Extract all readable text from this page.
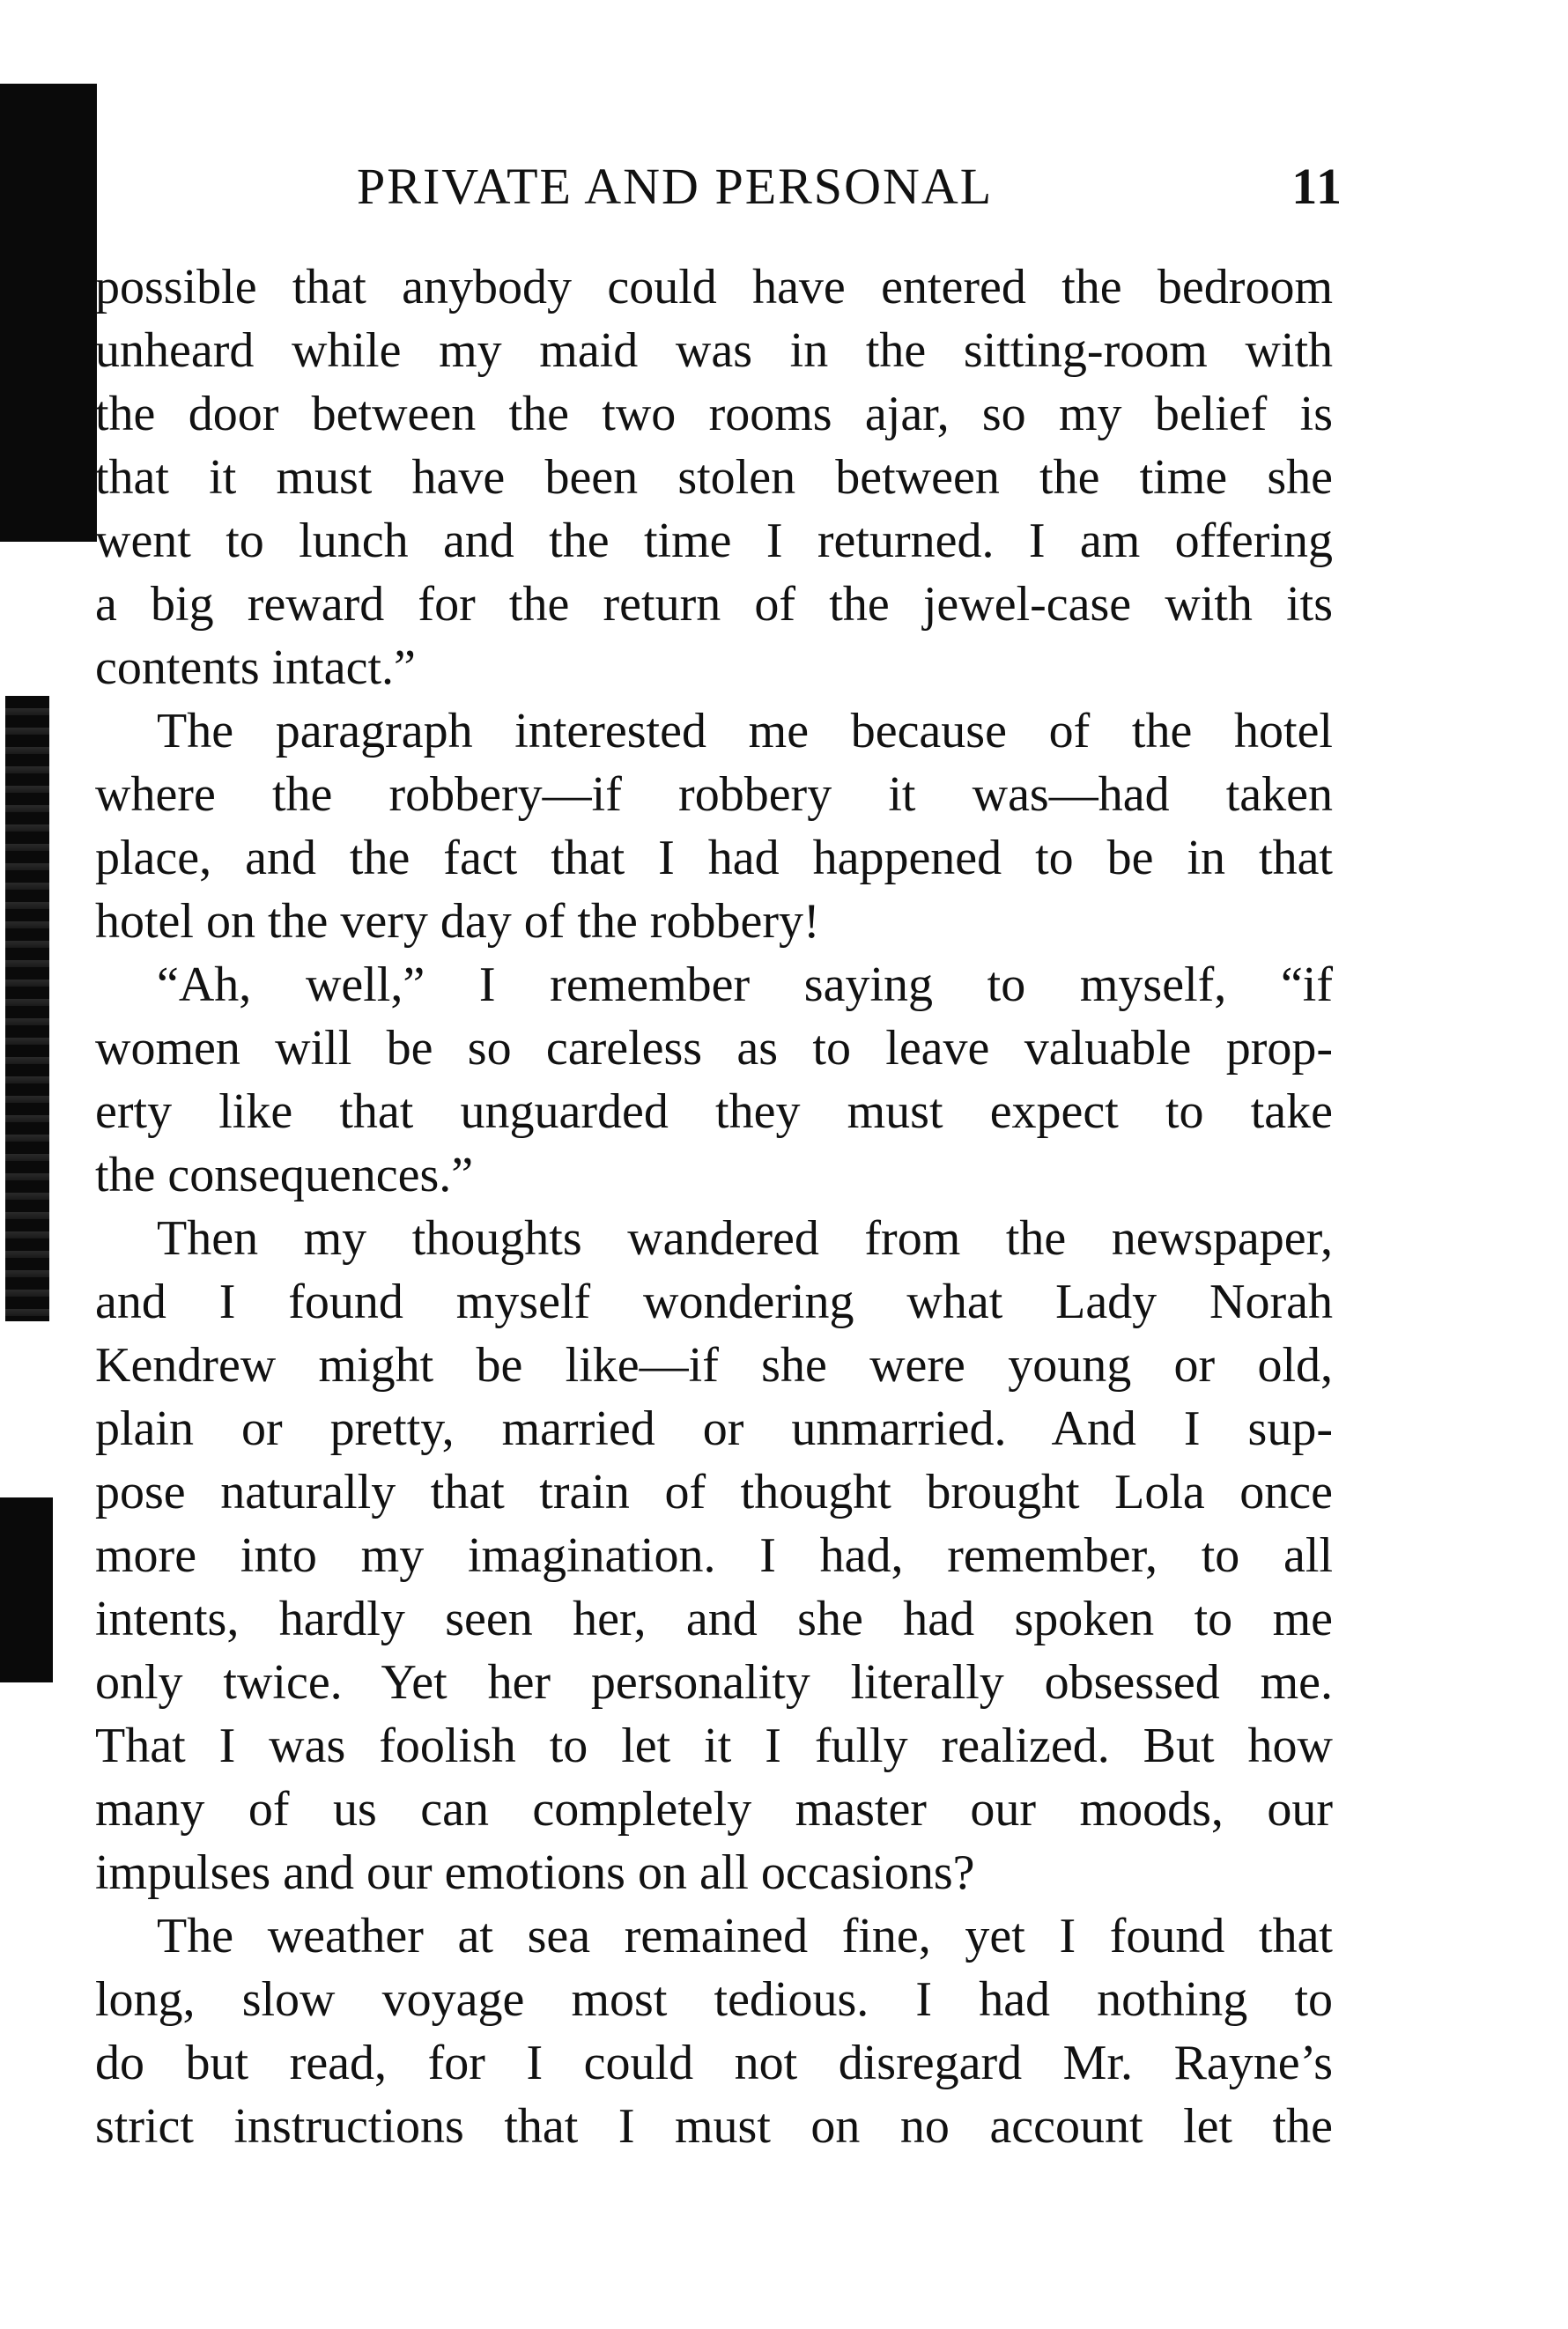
PRIVATE AND PERSONAL	11
possible that anybody could have entered the bedroom
unheard while my maid was in the sitting-room with
the door between the two rooms ajar, so my belief is
that it must have been stolen between the time she
went to lunch and the time I returned. I am offering
a big reward for the return of the jewel-case with its
contents intact.”
The paragraph interested me because of the hotel
where the robbery—if robbery it was—had taken
place, and the fact that I had happened to be in that
hotel on the very day of the robbery!
“Ah, well,” I remember saying to myself, “if
women will be so careless as to leave valuable prop-
erty like that unguarded they must expect to take
the consequences.”
Then my thoughts wandered from the newspaper,
and I found myself wondering what Lady Norah
Kendrew might be like—if she were young or old,
plain or pretty, married or unmarried. And I sup-
pose naturally that train of thought brought Lola once
more into my imagination. I had, remember, to all
intents, hardly seen her, and she had spoken to me
only twice. Yet her personality literally obsessed me.
That I was foolish to let it I fully realized. But how
many of us can completely master our moods, our
impulses and our emotions on all occasions?
The weather at sea remained fine, yet I found that
long, slow voyage most tedious. I had nothing to
do but read, for I could not disregard Mr. Rayne’s
strict instructions that I must on no account let the
